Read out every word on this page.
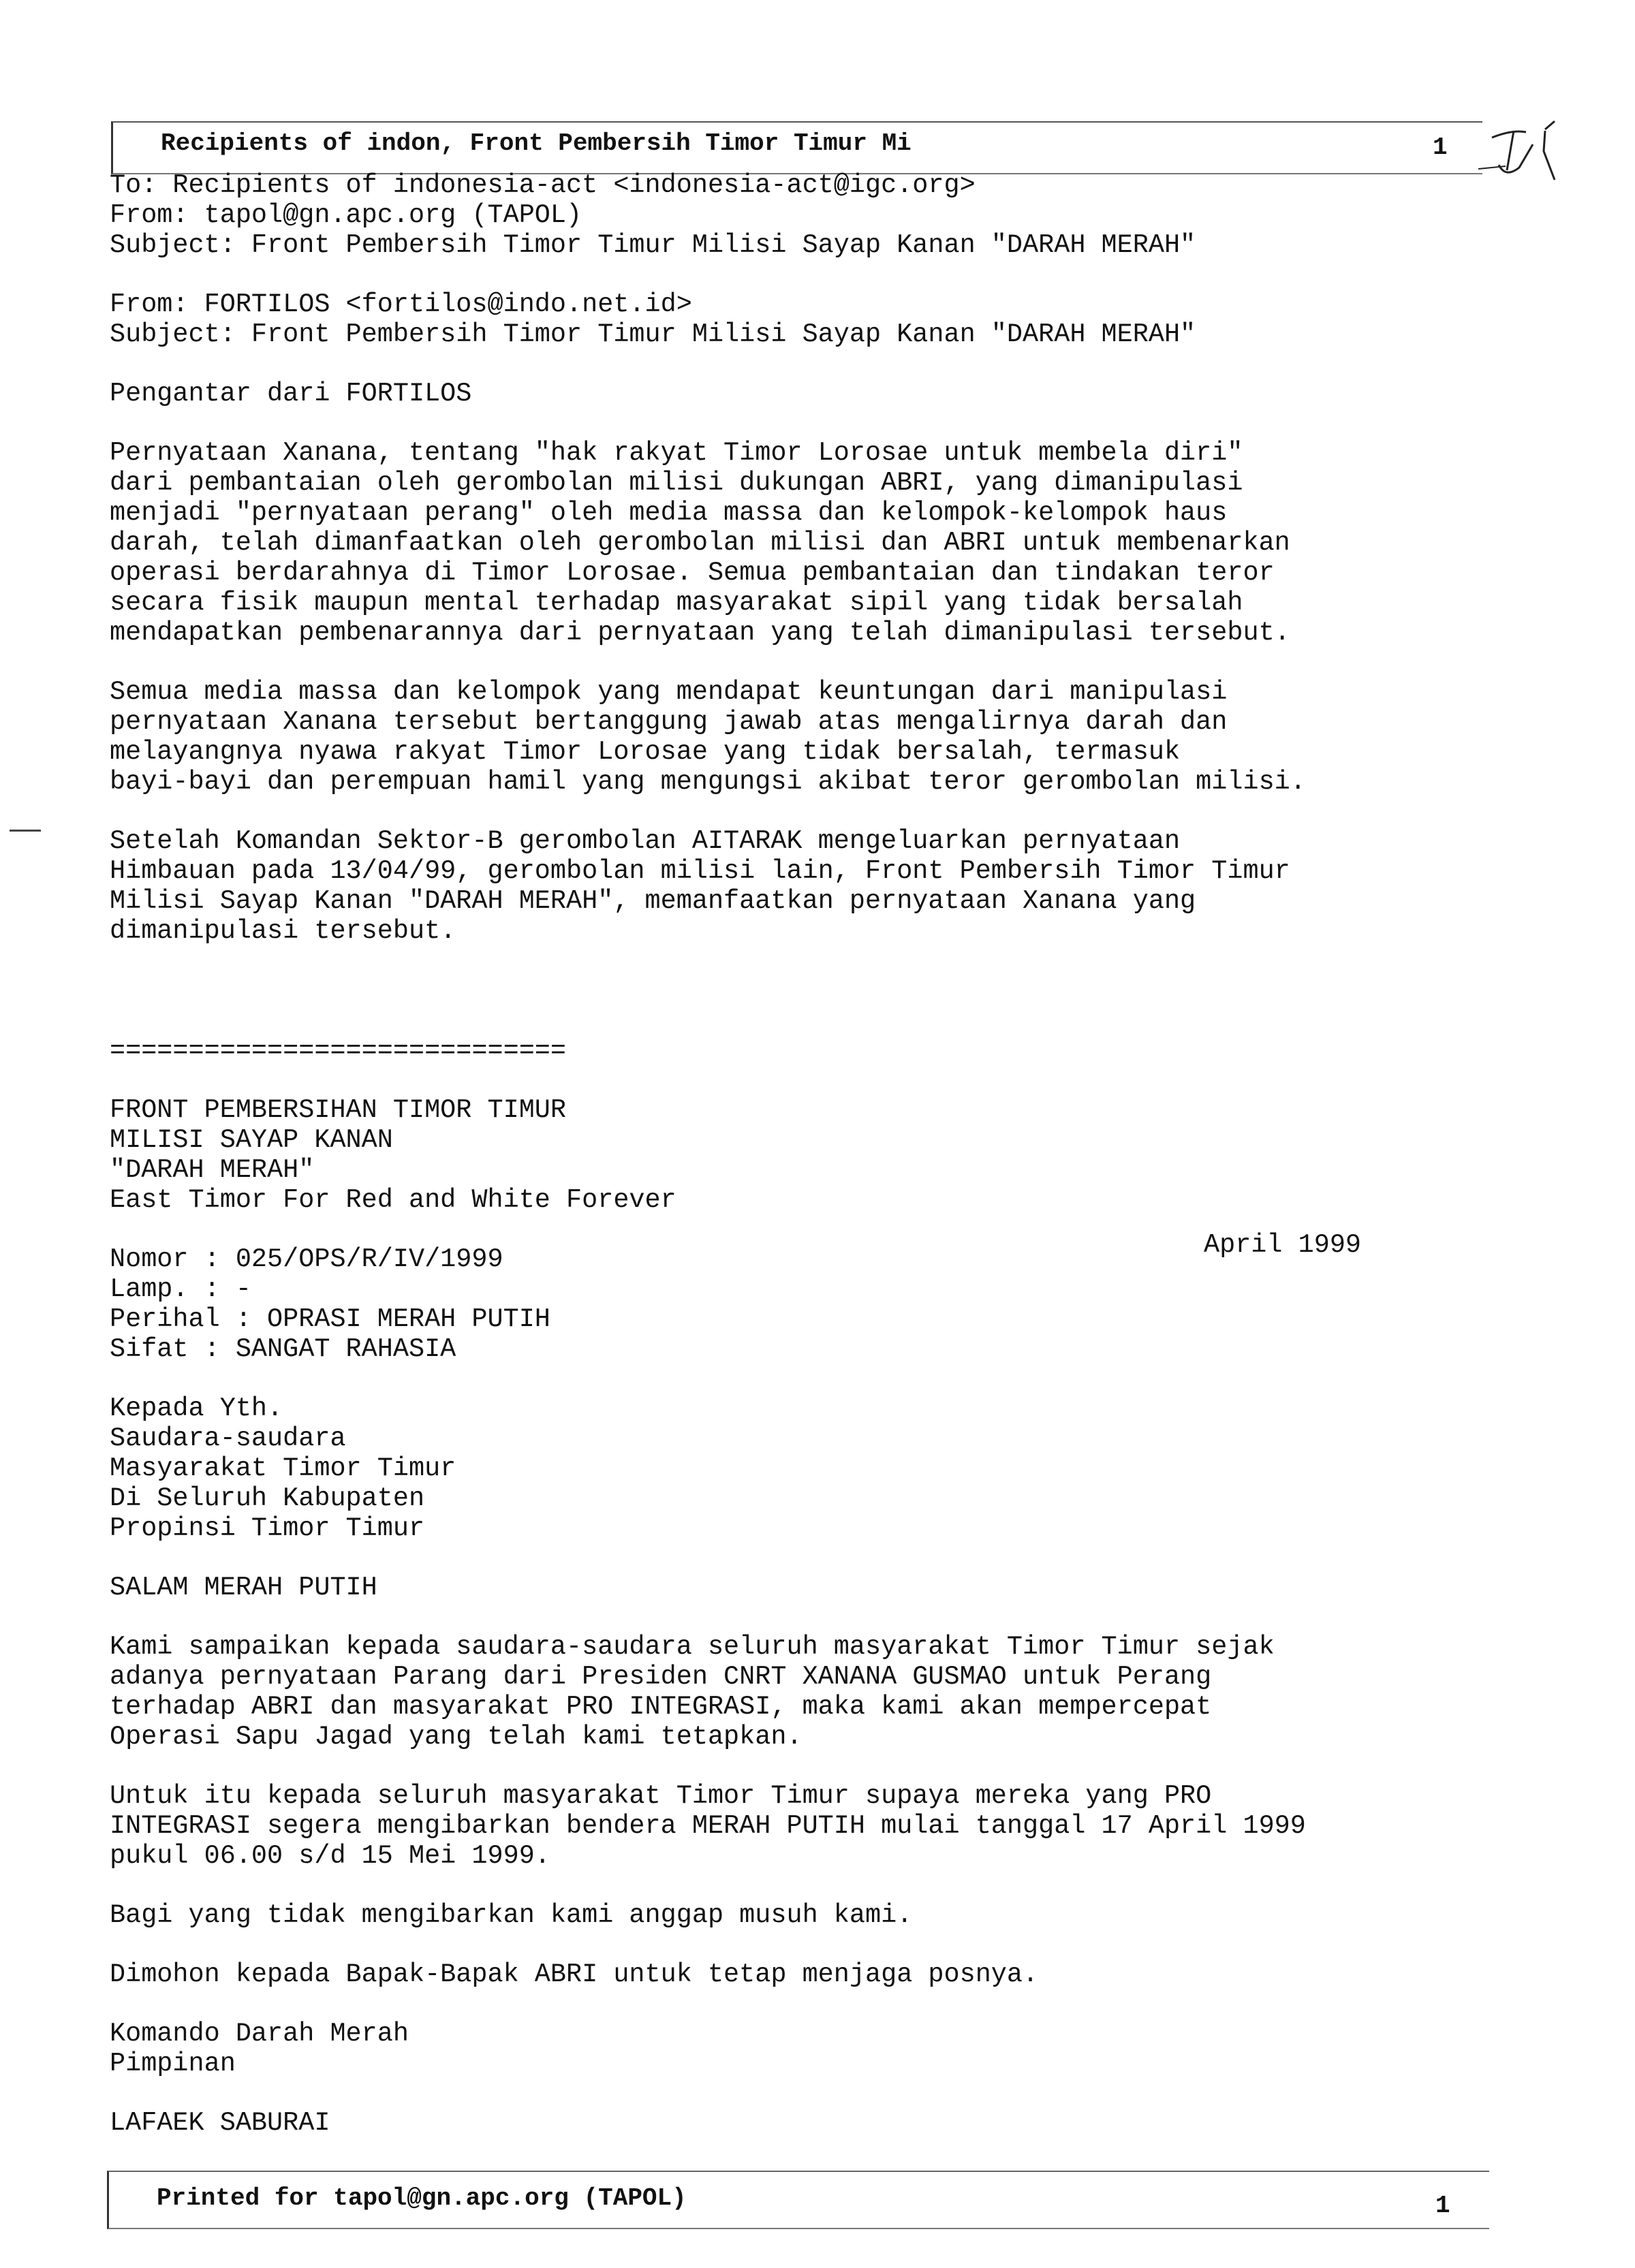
Recipients of indon, Front Pembersih Timor Timur Mi	1
To: Recipients of indonesia-act <indonesia-act@igc.org>
From: tapol@gn.apc.org (TAPOL)
Subject: Front Pembersih Timor Timur Milisi Sayap Kanan "DARAH MERAH"
From: FORTILOS <fortilos@indo.net.id>
Subject: Front Pembersih Timor Timur Milisi Sayap Kanan "DARAH MERAH"
Pengantar dari FORTILOS
Pernyataan Xanana, tentang "hak rakyat Timor Lorosae untuk membela diri"
dari pembantaian oleh gerombolan milisi dukungan ABRI, yang dimanipulasi
menjadi "pernyataan perang" oleh media massa dan kelompok-kelompok haus
darah, telah dimanfaatkan oleh gerombolan milisi dan ABRI untuk membenarkan
operasi berdarahnya di Timor Lorosae. Semua pembantaian dan tindakan teror
secara fisik maupun mental terhadap masyarakat sipil yang tidak bersalah
mendapatkan pembenarannya dari pernyataan yang telah dimanipulasi tersebut.
Semua media massa dan kelompok yang mendapat keuntungan dari manipulasi
pernyataan Xanana tersebut bertanggung jawab atas mengalirnya darah dan
melayangnya nyawa rakyat Timor Lorosae yang tidak bersalah, termasuk
bayi-bayi dan perempuan hamil yang mengungsi akibat teror gerombolan milisi.
Setelah Komandan Sektor-B gerombolan AITARAK mengeluarkan pernyataan
Himbauan pada 13/04/99, gerombolan milisi lain, Front Pembersih Timor Timur
Milisi Sayap Kanan "DARAH MERAH", memanfaatkan pernyataan Xanana yang
dimanipulasi tersebut.
=============================
FRONT PEMBERSIHAN TIMOR TIMUR
MILISI SAYAP KANAN
"DARAH MERAH"
East Timor For Red and White Forever
Nomor : 025/OPS/R/IV/1999
Lamp. : -
Perihal : OPRASI MERAH PUTIH
Sifat : SANGAT RAHASIA
Kepada Yth.
Saudara-saudara
Masyarakat Timor Timur
Di Seluruh Kabupaten
Propinsi Timor Timur
SALAM MERAH PUTIH
Kami sampaikan kepada saudara-saudara seluruh masyarakat Timor Timur sejak
adanya pernyataan Parang dari Presiden CNRT XANANA GUSMAO untuk Perang
terhadap ABRI dan masyarakat PRO INTEGRASI, maka kami akan mempercepat
Operasi Sapu Jagad yang telah kami tetapkan.
Untuk itu kepada seluruh masyarakat Timor Timur supaya mereka yang PRO
INTEGRASI segera mengibarkan bendera MERAH PUTIH mulai tanggal 17 April 1999
pukul 06.00 s/d 15 Mei 1999.
Bagi yang tidak mengibarkan kami anggap musuh kami.
Dimohon kepada Bapak-Bapak ABRI untuk tetap menjaga posnya.
Komando Darah Merah
Pimpinan
LAFAEK SABURAI
April 1999
Printed for tapol@gn.apc.org (TAPOL)	1
